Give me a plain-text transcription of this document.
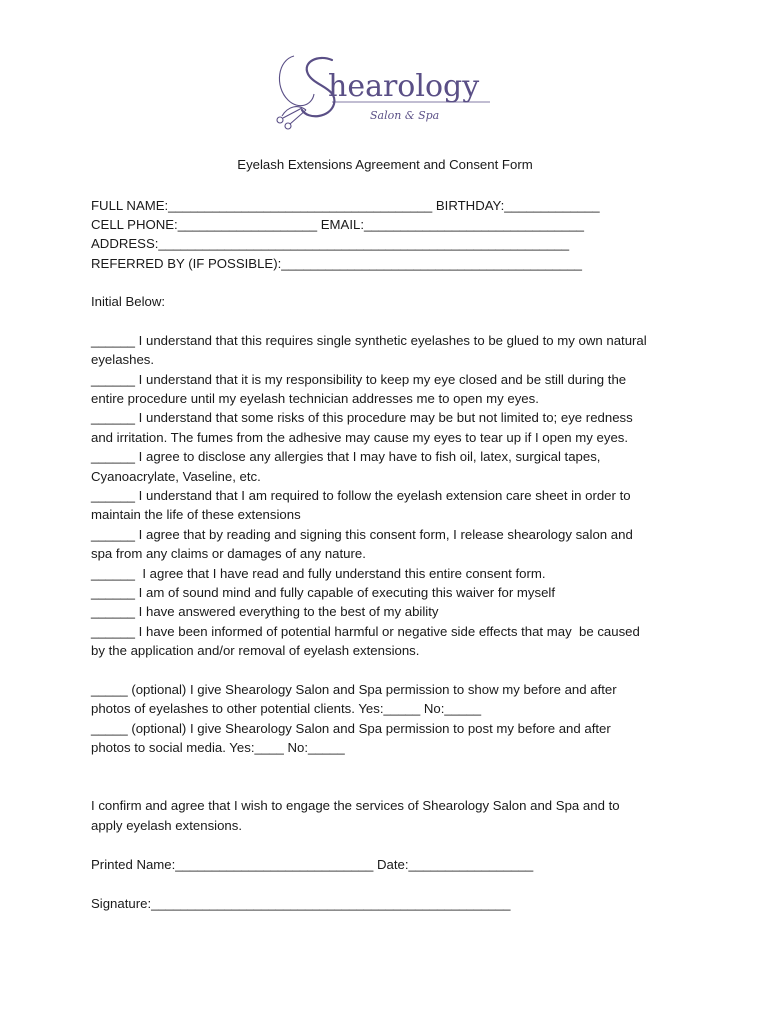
hearology
Salon & Spa
Eyelash Extensions Agreement and Consent Form
FULL NAME:____________________________________ BIRTHDAY:_____________
CELL PHONE:___________________ EMAIL:______________________________
ADDRESS:________________________________________________________
REFERRED BY (IF POSSIBLE):_________________________________________
Initial Below:
______ I understand that this requires single synthetic eyelashes to be glued to my own natural
eyelashes.
______ I understand that it is my responsibility to keep my eye closed and be still during the
entire procedure until my eyelash technician addresses me to open my eyes.
______ I understand that some risks of this procedure may be but not limited to; eye redness
and irritation. The fumes from the adhesive may cause my eyes to tear up if I open my eyes.
______ I agree to disclose any allergies that I may have to fish oil, latex, surgical tapes,
Cyanoacrylate, Vaseline, etc.
______ I understand that I am required to follow the eyelash extension care sheet in order to
maintain the life of these extensions
______ I agree that by reading and signing this consent form, I release shearology salon and
spa from any claims or damages of any nature.
______  I agree that I have read and fully understand this entire consent form.
______ I am of sound mind and fully capable of executing this waiver for myself
______ I have answered everything to the best of my ability
______ I have been informed of potential harmful or negative side effects that may  be caused
by the application and/or removal of eyelash extensions.
_____ (optional) I give Shearology Salon and Spa permission to show my before and after
photos of eyelashes to other potential clients. Yes:_____ No:_____
_____ (optional) I give Shearology Salon and Spa permission to post my before and after
photos to social media. Yes:____ No:_____
I confirm and agree that I wish to engage the services of Shearology Salon and Spa and to
apply eyelash extensions.
Printed Name:___________________________ Date:_________________
Signature:_________________________________________________
